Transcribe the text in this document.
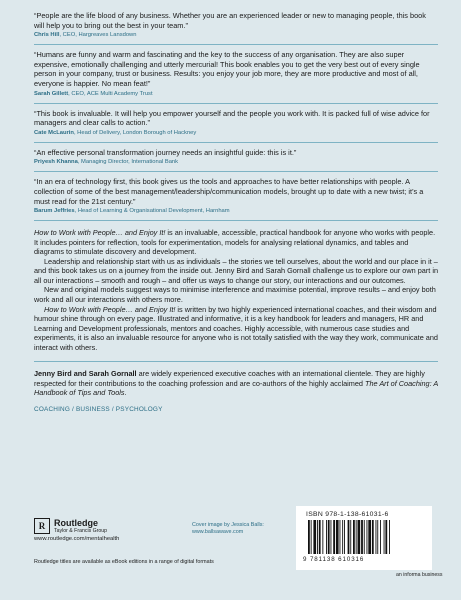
“People are the life blood of any business. Whether you are an experienced leader or new to managing people, this book will help you to bring out the best in your team.”

Chris Hill, CEO, Hargreaves Lansdown

“Humans are funny and warm and fascinating and the key to the success of any organisation. They are also super expensive, emotionally challenging and utterly mercurial! This book enables you to get the very best out of every single person in your company, trust or business. Results: you enjoy your job more, they are more productive and most of all, everyone is happier. No mean feat!”

Sarah Gillett, CEO, ACE Multi Academy Trust

“This book is invaluable. It will help you empower yourself and the people you work with. It is packed full of wise advice for managers and clear calls to action.”

Cate McLaurin, Head of Delivery, London Borough of Hackney

“An effective personal transformation journey needs an insightful guide: this is it.”

Priyesh Khanna, Managing Director, International Bank

“In an era of technology first, this book gives us the tools and approaches to have better relationships with people. A collection of some of the best management/leadership/communication models, brought up to date with a new twist; it’s a must read for the 21st century.”

Barum Jeffries, Head of Learning & Organisational Development, Harnham

How to Work with People… and Enjoy It! is an invaluable, accessible, practical handbook for anyone who works with people. It includes pointers for reflection, tools for experimentation, models for analysing relational dynamics, and tables and diagrams to stimulate discovery and development.

Leadership and relationship start with us as individuals – the stories we tell ourselves, about the world and our place in it – and this book takes us on a journey from the inside out. Jenny Bird and Sarah Gornall challenge us to explore our own part in all our interactions – smooth and rough – and offer us ways to change our story, our interactions and our outcomes.

New and original models suggest ways to minimise interference and maximise potential, improve results – and enjoy both work and all our interactions with others more.

How to Work with People… and Enjoy It! is written by two highly experienced international coaches, and their wisdom and humour shine through on every page. Illustrated and informative, it is a key handbook for leaders and managers, HR and Learning and Development professionals, mentors and coaches. Highly accessible, with numerous case studies and experiments, it is also an invaluable resource for anyone who is not totally satisfied with the way they work, communicate and interact with others.

Jenny Bird and Sarah Gornall are widely experienced executive coaches with an international clientele. They are highly respected for their contributions to the coaching profession and are co-authors of the highly acclaimed The Art of Coaching: A Handbook of Tips and Tools.

COACHING / BUSINESS / PSYCHOLOGY
R Routledge
Taylor & Francis Group
www.routledge.com/mentalhealth
Routledge titles are available as eBook editions in a range of digital formats
Cover image by Jessica Balls:
www.ballsawave.com
ISBN 978-1-138-61031-6
9 781138 610316
an informa business
